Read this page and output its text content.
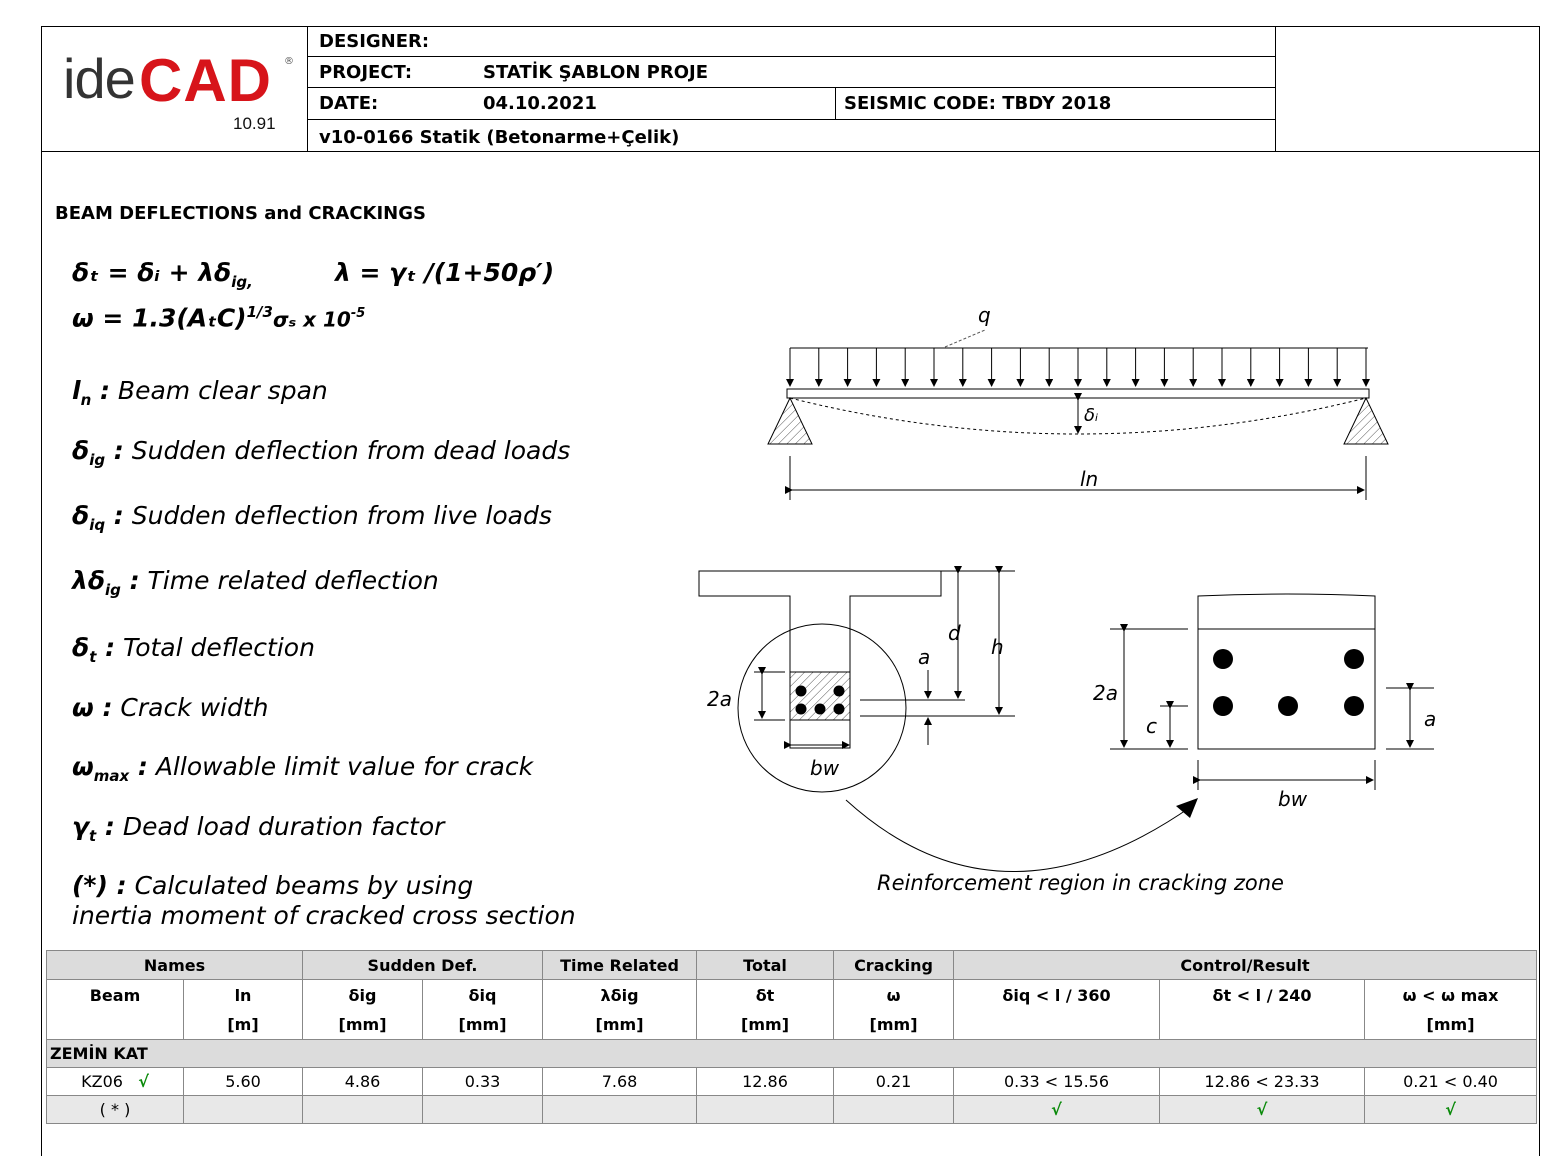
ide CAD ®
10.91
DESIGNER:
PROJECT:	STATİK ŞABLON PROJE
DATE:	04.10.2021	SEISMIC CODE: TBDY 2018
v10-0166 Statik (Betonarme+Çelik)
BEAM DEFLECTIONS and CRACKINGS
δₜ = δᵢ + $\lambda\delta_{ig,}$	λ = γₜ /(1+50ρ′)
$\omega = 1.3(A_tC)^{1/3}\sigma_s$ x $10^{-5}$
$l_n$ : Beam clear span
$\delta_{ig}$ : Sudden deflection from dead loads
$\delta_{iq}$ : Sudden deflection from live loads
$\lambda\delta_{ig}$ : Time related deflection
$\delta_t$ : Total deflection
ω : Crack width
$\omega_{max}$ : Allowable limit value for crack
$\gamma_t$ : Dead load duration factor
(*) : Calculated beams by using
inertia moment of cracked cross section
q
δᵢ
ln
2a
bw
d
h
a
2a
c	a
bw
Reinforcement region in cracking zone
Names		Sudden Def.		Time Related	Total	Cracking	Control/Result		
Beam	ln	δig	δiq	λδig	δt	ω	δiq < l / 360	δt < l / 240	ω < ω max
	[m]	[mm]	[mm]	[mm]	[mm]	[mm]			[mm]
ZEMİN KAT									
KZ06 √	5.60	4.86	0.33	7.68	12.86	0.21	0.33 < 15.56	12.86 < 23.33	0.21 < 0.40
( * )							√	√	√
